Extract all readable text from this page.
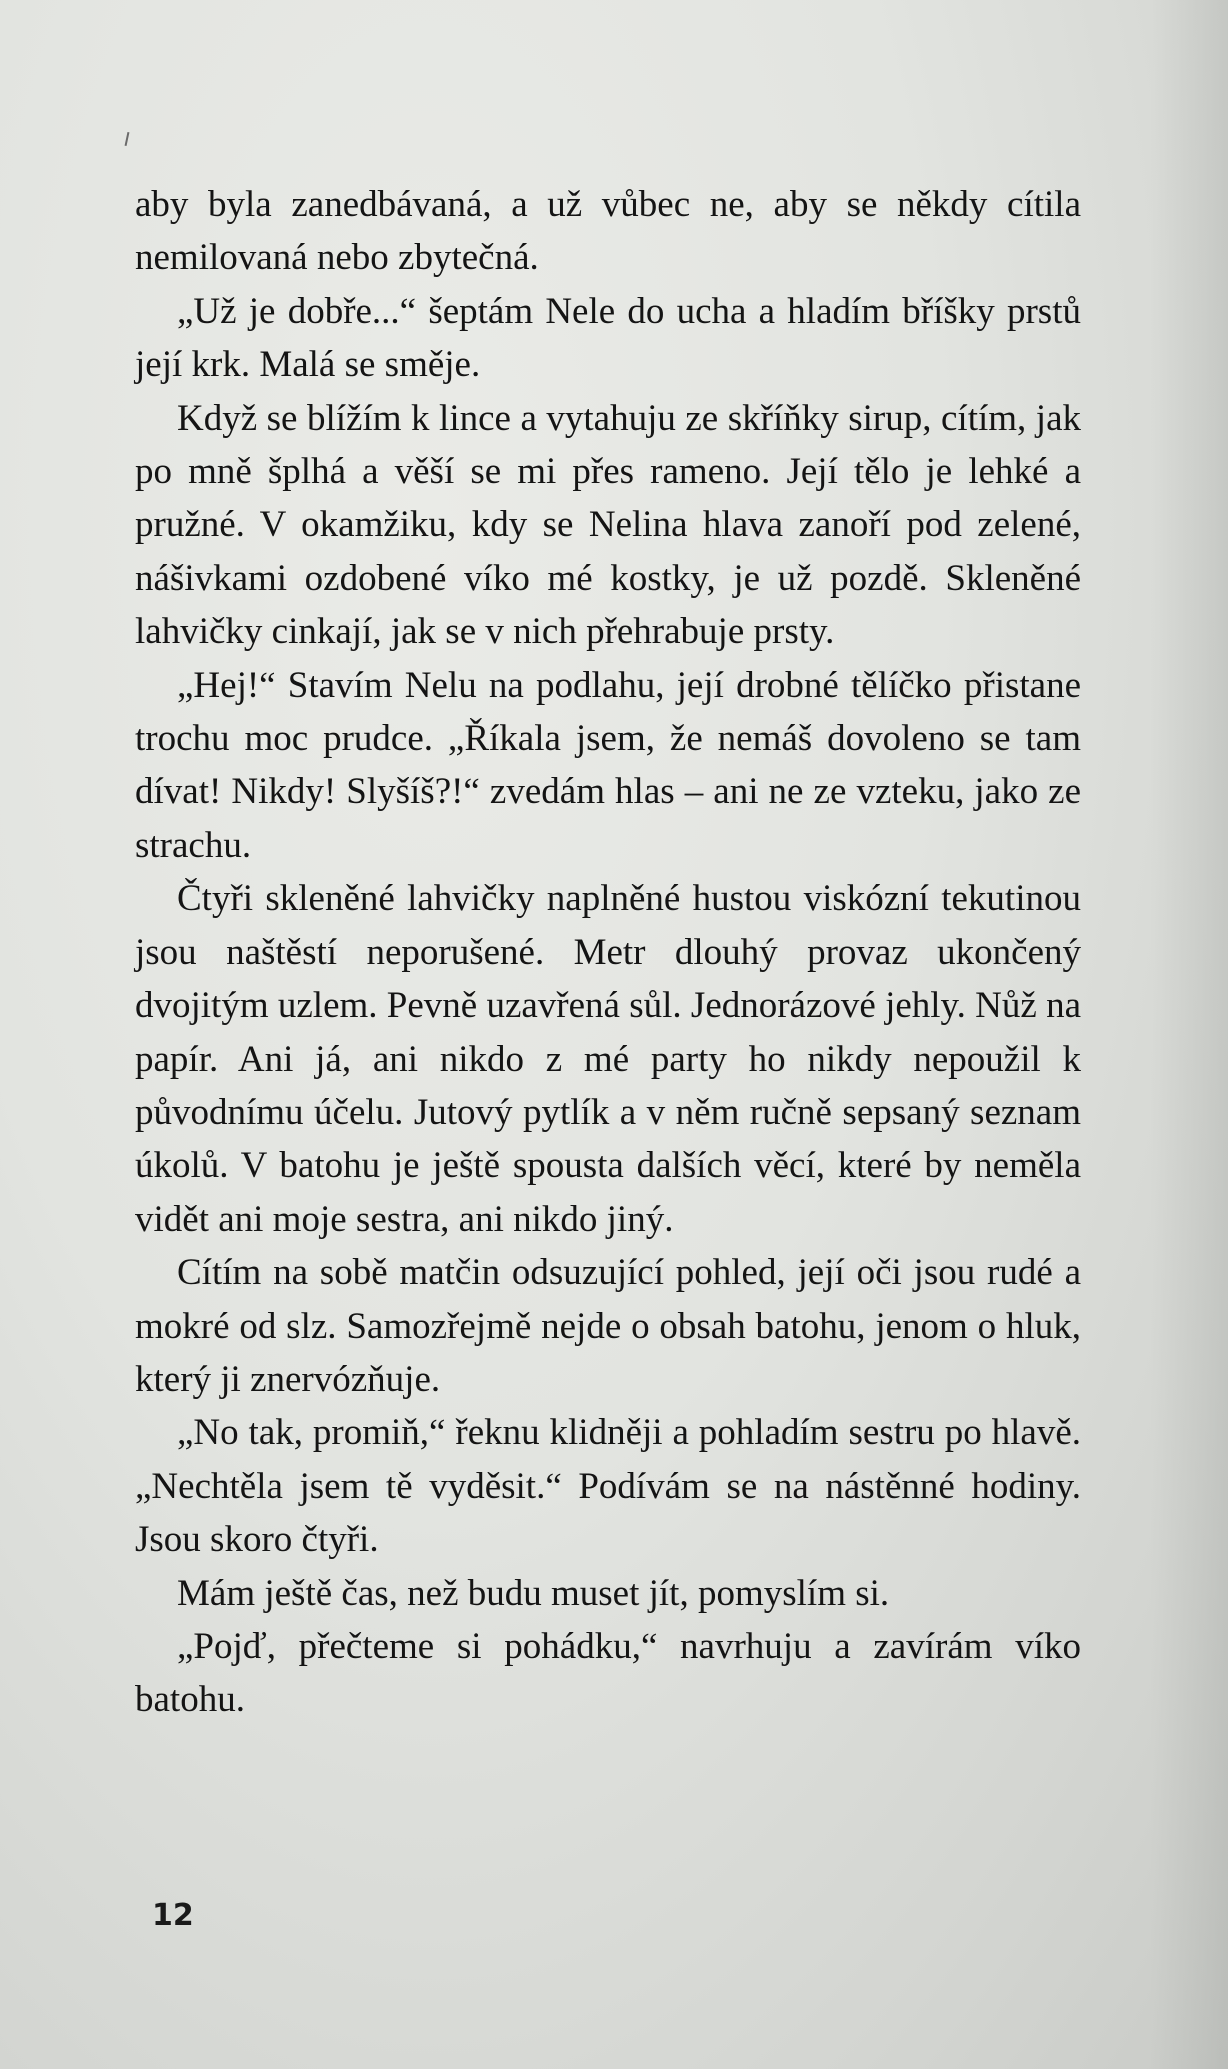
aby byla zanedbávaná, a už vůbec ne, aby se někdy cítila nemilovaná nebo zbytečná.

„Už je dobře...“ šeptám Nele do ucha a hladím bříšky prstů její krk. Malá se směje.

Když se blížím k lince a vytahuju ze skříňky sirup, cítím, jak po mně šplhá a věší se mi přes rameno. Její tělo je lehké a pružné. V okamžiku, kdy se Nelina hlava zanoří pod zelené, nášivkami ozdobené víko mé kostky, je už pozdě. Skleněné lahvičky cinkají, jak se v nich přehrabuje prsty.

„Hej!“ Stavím Nelu na podlahu, její drobné tělíčko přistane trochu moc prudce. „Říkala jsem, že nemáš dovoleno se tam dívat! Nikdy! Slyšíš?!“ zvedám hlas – ani ne ze vzteku, jako ze strachu.

Čtyři skleněné lahvičky naplněné hustou viskózní tekutinou jsou naštěstí neporušené. Metr dlouhý provaz ukončený dvojitým uzlem. Pevně uzavřená sůl. Jednorázové jehly. Nůž na papír. Ani já, ani nikdo z mé party ho nikdy nepoužil k původnímu účelu. Jutový pytlík a v něm ručně sepsaný seznam úkolů. V batohu je ještě spousta dalších věcí, které by neměla vidět ani moje sestra, ani nikdo jiný.

Cítím na sobě matčin odsuzující pohled, její oči jsou rudé a mokré od slz. Samozřejmě nejde o obsah batohu, jenom o hluk, který ji znervózňuje.

„No tak, promiň,“ řeknu klidněji a pohladím sestru po hlavě. „Nechtěla jsem tě vyděsit.“ Podívám se na nástěnné hodiny. Jsou skoro čtyři.

Mám ještě čas, než budu muset jít, pomyslím si.

„Pojď, přečteme si pohádku,“ navrhuju a zavírám víko batohu.

12
